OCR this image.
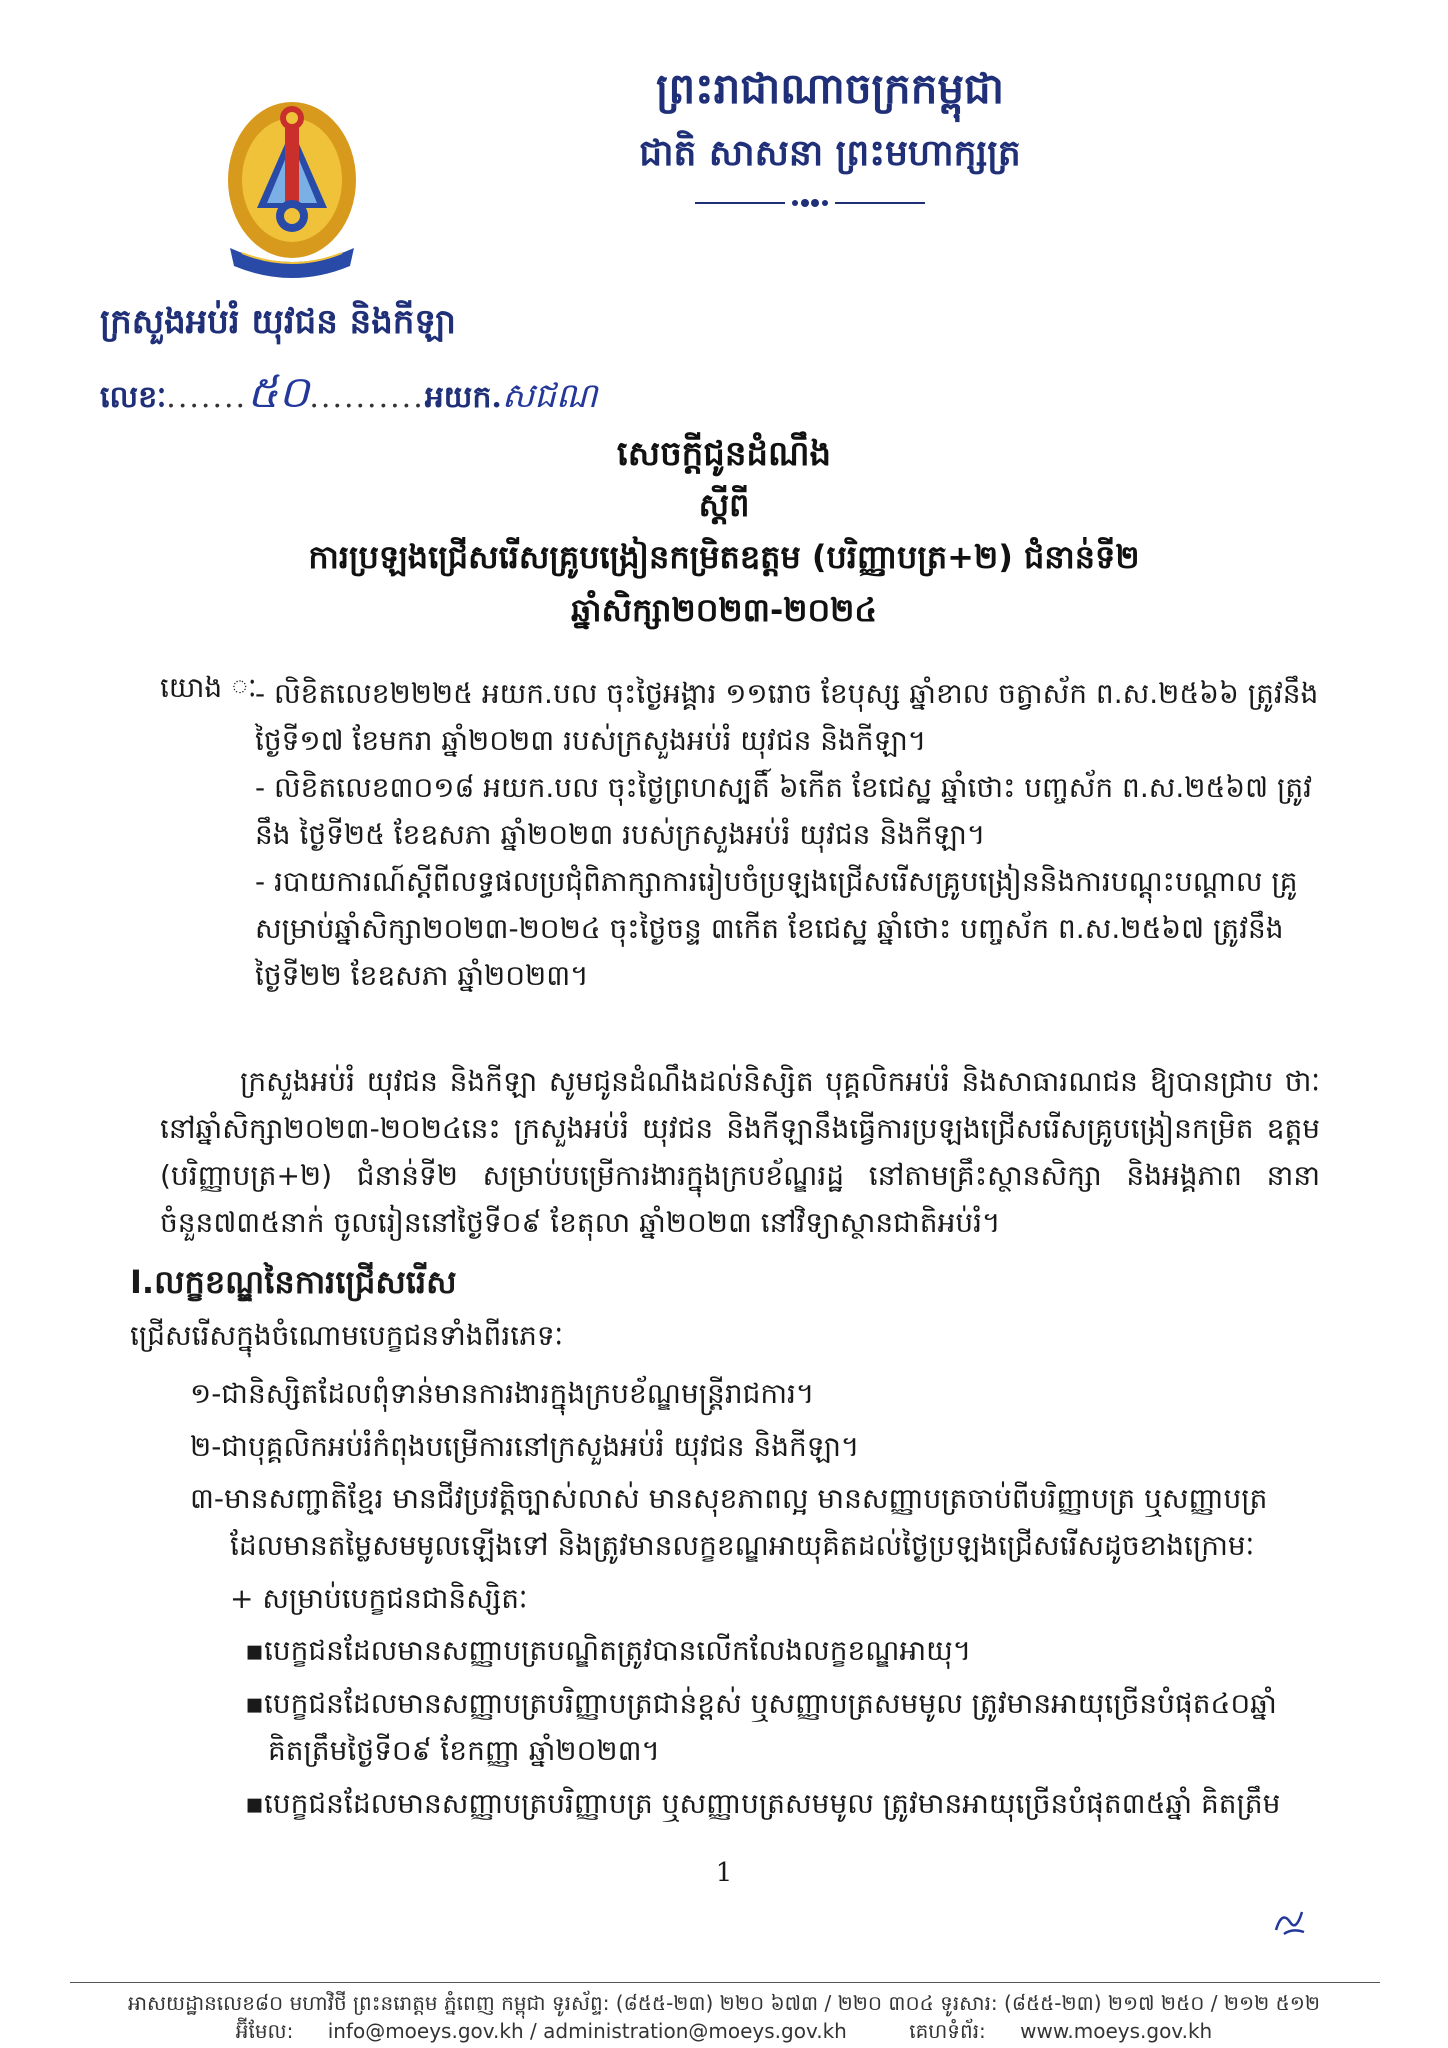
ព្រះរាជាណាចក្រកម្ពុជា
ជាតិ សាសនា ព្រះមហាក្សត្រ
ក្រសួងអប់រំ យុវជន និងកីឡា
លេខៈ ....... ៥០ .......... អយក. សជណ
សេចក្តីជូនដំណឹង
ស្តីពី
ការប្រឡងជ្រើសរើសគ្រូបង្រៀនកម្រិតឧត្តម (បរិញ្ញាបត្រ+២) ជំនាន់ទី២
ឆ្នាំសិក្សា២០២៣-២០២៤
យោង ៈ
- លិខិតលេខ២២២៥ អយក.បល ចុះថ្ងៃអង្គារ ១១រោច ខែបុស្ស ឆ្នាំខាល ចត្វាស័ក ព.ស.២៥៦៦ ត្រូវនឹង ថ្ងៃទី១៧ ខែមករា ឆ្នាំ២០២៣ របស់ក្រសួងអប់រំ យុវជន និងកីឡា។
- លិខិតលេខ៣០១៨ អយក.បល ចុះថ្ងៃព្រហស្បតិ៍ ៦កើត ខែជេស្ឋ ឆ្នាំថោះ បញ្ចស័ក ព.ស.២៥៦៧ ត្រូវនឹង ថ្ងៃទី២៥ ខែឧសភា ឆ្នាំ២០២៣ របស់ក្រសួងអប់រំ យុវជន និងកីឡា។
- របាយការណ៍ស្តីពីលទ្ធផលប្រជុំពិភាក្សាការរៀបចំប្រឡងជ្រើសរើសគ្រូបង្រៀននិងការបណ្តុះបណ្តាល គ្រូសម្រាប់ឆ្នាំសិក្សា២០២៣-២០២៤ ចុះថ្ងៃចន្ទ ៣កើត ខែជេស្ឋ ឆ្នាំថោះ បញ្ចស័ក ព.ស.២៥៦៧ ត្រូវនឹងថ្ងៃទី២២ ខែឧសភា ឆ្នាំ២០២៣។
ក្រសួងអប់រំ យុវជន និងកីឡា សូមជូនដំណឹងដល់និស្សិត បុគ្គលិកអប់រំ និងសាធារណជន ឱ្យបានជ្រាប ថាៈ នៅឆ្នាំសិក្សា២០២៣-២០២៤នេះ ក្រសួងអប់រំ យុវជន និងកីឡានឹងធ្វើការប្រឡងជ្រើសរើសគ្រូបង្រៀនកម្រិត ឧត្តម (បរិញ្ញាបត្រ+២) ជំនាន់ទី២ សម្រាប់បម្រើការងារក្នុងក្របខ័ណ្ឌរដ្ឋ នៅតាមគ្រឹះស្ថានសិក្សា និងអង្គភាព នានា ចំនួន៧៣៥នាក់ ចូលរៀននៅថ្ងៃទី០៩ ខែតុលា ឆ្នាំ២០២៣ នៅវិទ្យាស្ថានជាតិអប់រំ។
I.លក្ខខណ្ឌនៃការជ្រើសរើស
ជ្រើសរើសក្នុងចំណោមបេក្ខជនទាំងពីរភេទៈ
១-ជានិស្សិតដែលពុំទាន់មានការងារក្នុងក្របខ័ណ្ឌមន្ត្រីរាជការ។
២-ជាបុគ្គលិកអប់រំកំពុងបម្រើការនៅក្រសួងអប់រំ យុវជន និងកីឡា។
៣-មានសញ្ជាតិខ្មែរ មានជីវប្រវត្តិច្បាស់លាស់ មានសុខភាពល្អ មានសញ្ញាបត្រចាប់ពីបរិញ្ញាបត្រ ឬសញ្ញាបត្រ
ដែលមានតម្លៃសមមូលឡើងទៅ និងត្រូវមានលក្ខខណ្ឌអាយុគិតដល់ថ្ងៃប្រឡងជ្រើសរើសដូចខាងក្រោមៈ
+ សម្រាប់បេក្ខជនជានិស្សិតៈ
▪បេក្ខជនដែលមានសញ្ញាបត្របណ្ឌិតត្រូវបានលើកលែងលក្ខខណ្ឌអាយុ។
▪បេក្ខជនដែលមានសញ្ញាបត្របរិញ្ញាបត្រជាន់ខ្ពស់ ឬសញ្ញាបត្រសមមូល ត្រូវមានអាយុច្រើនបំផុត៤០ឆ្នាំ
គិតត្រឹមថ្ងៃទី០៩ ខែកញ្ញា ឆ្នាំ២០២៣។
▪បេក្ខជនដែលមានសញ្ញាបត្របរិញ្ញាបត្រ ឬសញ្ញាបត្រសមមូល ត្រូវមានអាយុច្រើនបំផុត៣៥ឆ្នាំ គិតត្រឹម
1
អាសយដ្ឋានលេខ៨០ មហាវិថី ព្រះនរោត្តម ភ្នំពេញ កម្ពុជា ទូរស័ព្ទ: (៨៥៥-២៣) ២២០ ៦៧៣ / ២២០ ៣០៤ ទូរសារ: (៨៥៥-២៣) ២១៧ ២៥០ / ២១២ ៥១២
អ៊ីមែល: info@moeys.gov.kh / administration@moeys.gov.kh	គេហទំព័រ: www.moeys.gov.kh
